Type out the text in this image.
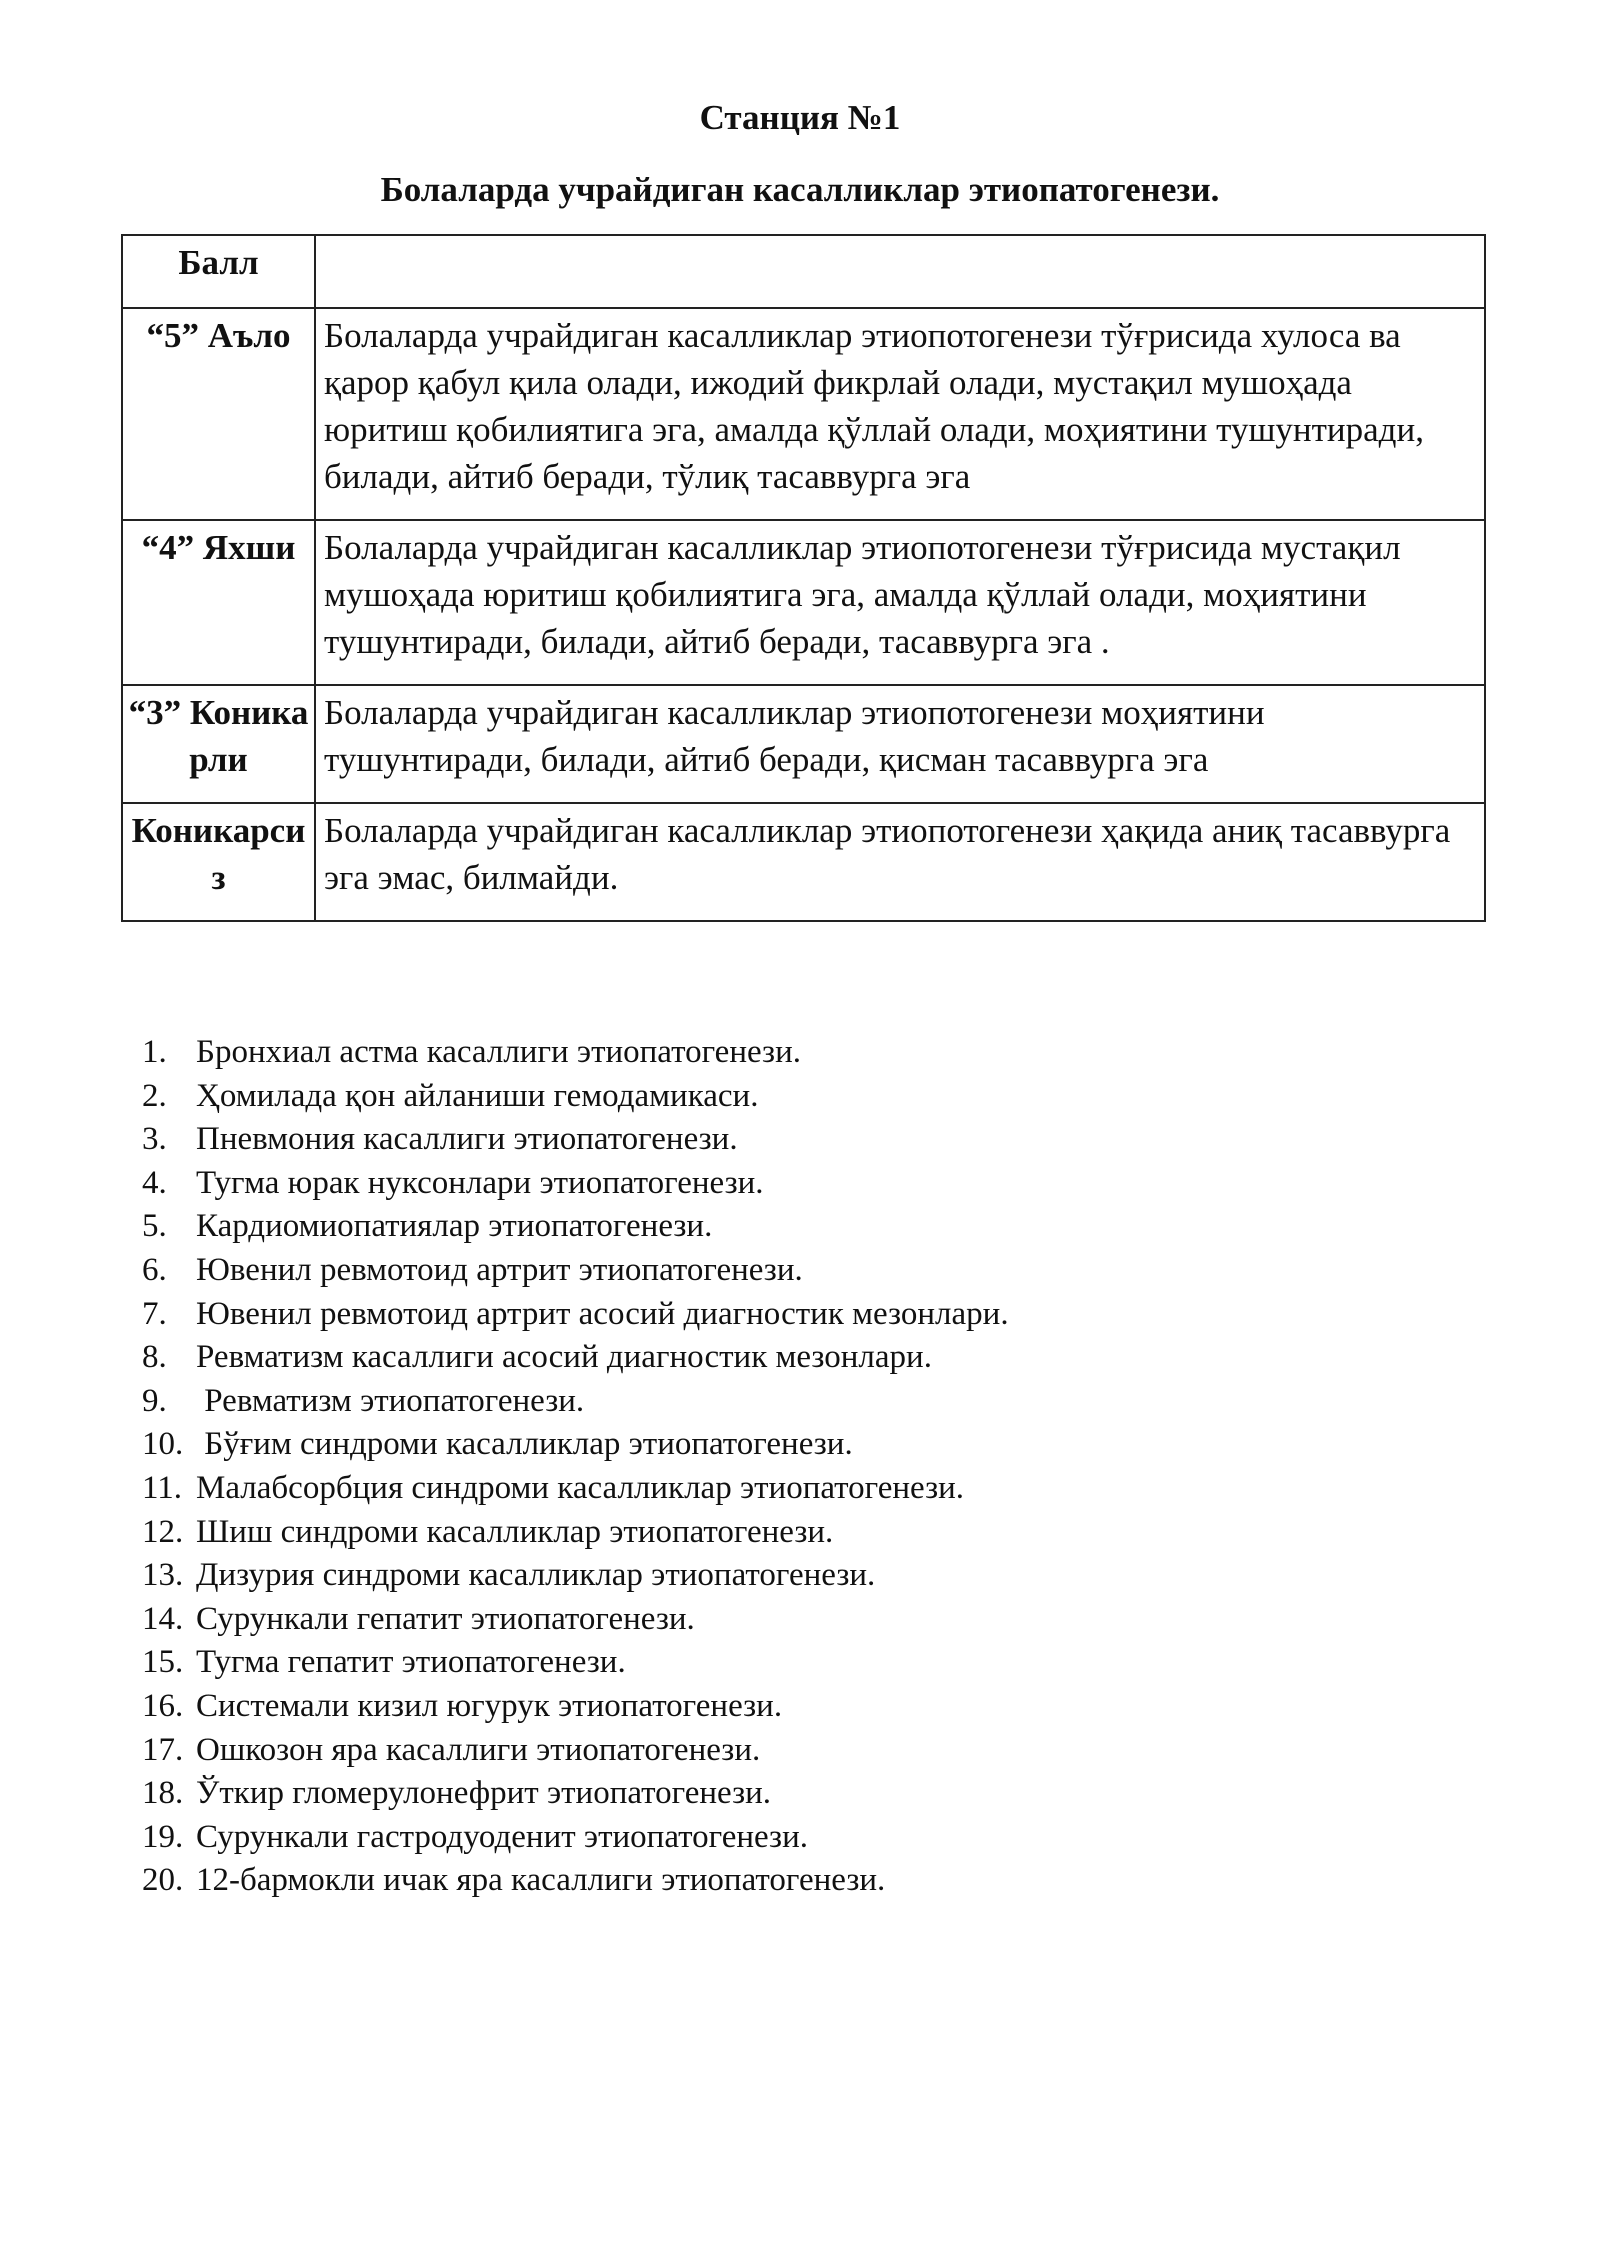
Станция №1
Болаларда учрайдиган касалликлар этиопатогенези.
Балл	
“5” Аъло	Болаларда учрайдиган касалликлар этиопотогенези тўғрисида хулоса ва қарор қабул қила олади, ижодий фикрлай олади, мустақил мушоҳада юритиш қобилиятига эга, амалда қўллай олади, моҳиятини тушунтиради, билади, айтиб беради, тўлиқ тасаввурга эга
“4” Яхши	Болаларда учрайдиган касалликлар этиопотогенези тўғрисида мустақил мушоҳада юритиш қобилиятига эга, амалда қўллай олади, моҳиятини тушунтиради, билади, айтиб беради, тасаввурга эга .
“3” Коникарли	Болаларда учрайдиган касалликлар этиопотогенези моҳиятини тушунтиради, билади, айтиб беради, қисман тасаввурга эга
Коникарсиз	Болаларда учрайдиган касалликлар этиопотогенези ҳақида аниқ тасаввурга эга эмас, билмайди.
1. Бронхиал астма касаллиги этиопатогенези.
2. Ҳомилада қон айланиши гемодамикаси.
3. Пневмония касаллиги этиопатогенези.
4. Тугма юрак нуксонлари этиопатогенези.
5. Кардиомиопатиялар этиопатогенези.
6. Ювенил ревмотоид артрит этиопатогенези.
7. Ювенил ревмотоид артрит асосий диагностик мезонлари.
8. Ревматизм касаллиги асосий диагностик мезонлари.
9. Ревматизм этиопатогенези.
10. Бўғим синдроми касалликлар этиопатогенези.
11. Малабсорбция синдроми касалликлар этиопатогенези.
12. Шиш синдроми касалликлар этиопатогенези.
13. Дизурия синдроми касалликлар этиопатогенези.
14. Сурункали гепатит этиопатогенези.
15. Тугма гепатит этиопатогенези.
16. Системали кизил югурук этиопатогенези.
17. Ошкозон яра касаллиги этиопатогенези.
18. Ўткир гломерулонефрит этиопатогенези.
19. Сурункали гастродуоденит этиопатогенези.
20. 12-бармокли ичак яра касаллиги этиопатогенези.
